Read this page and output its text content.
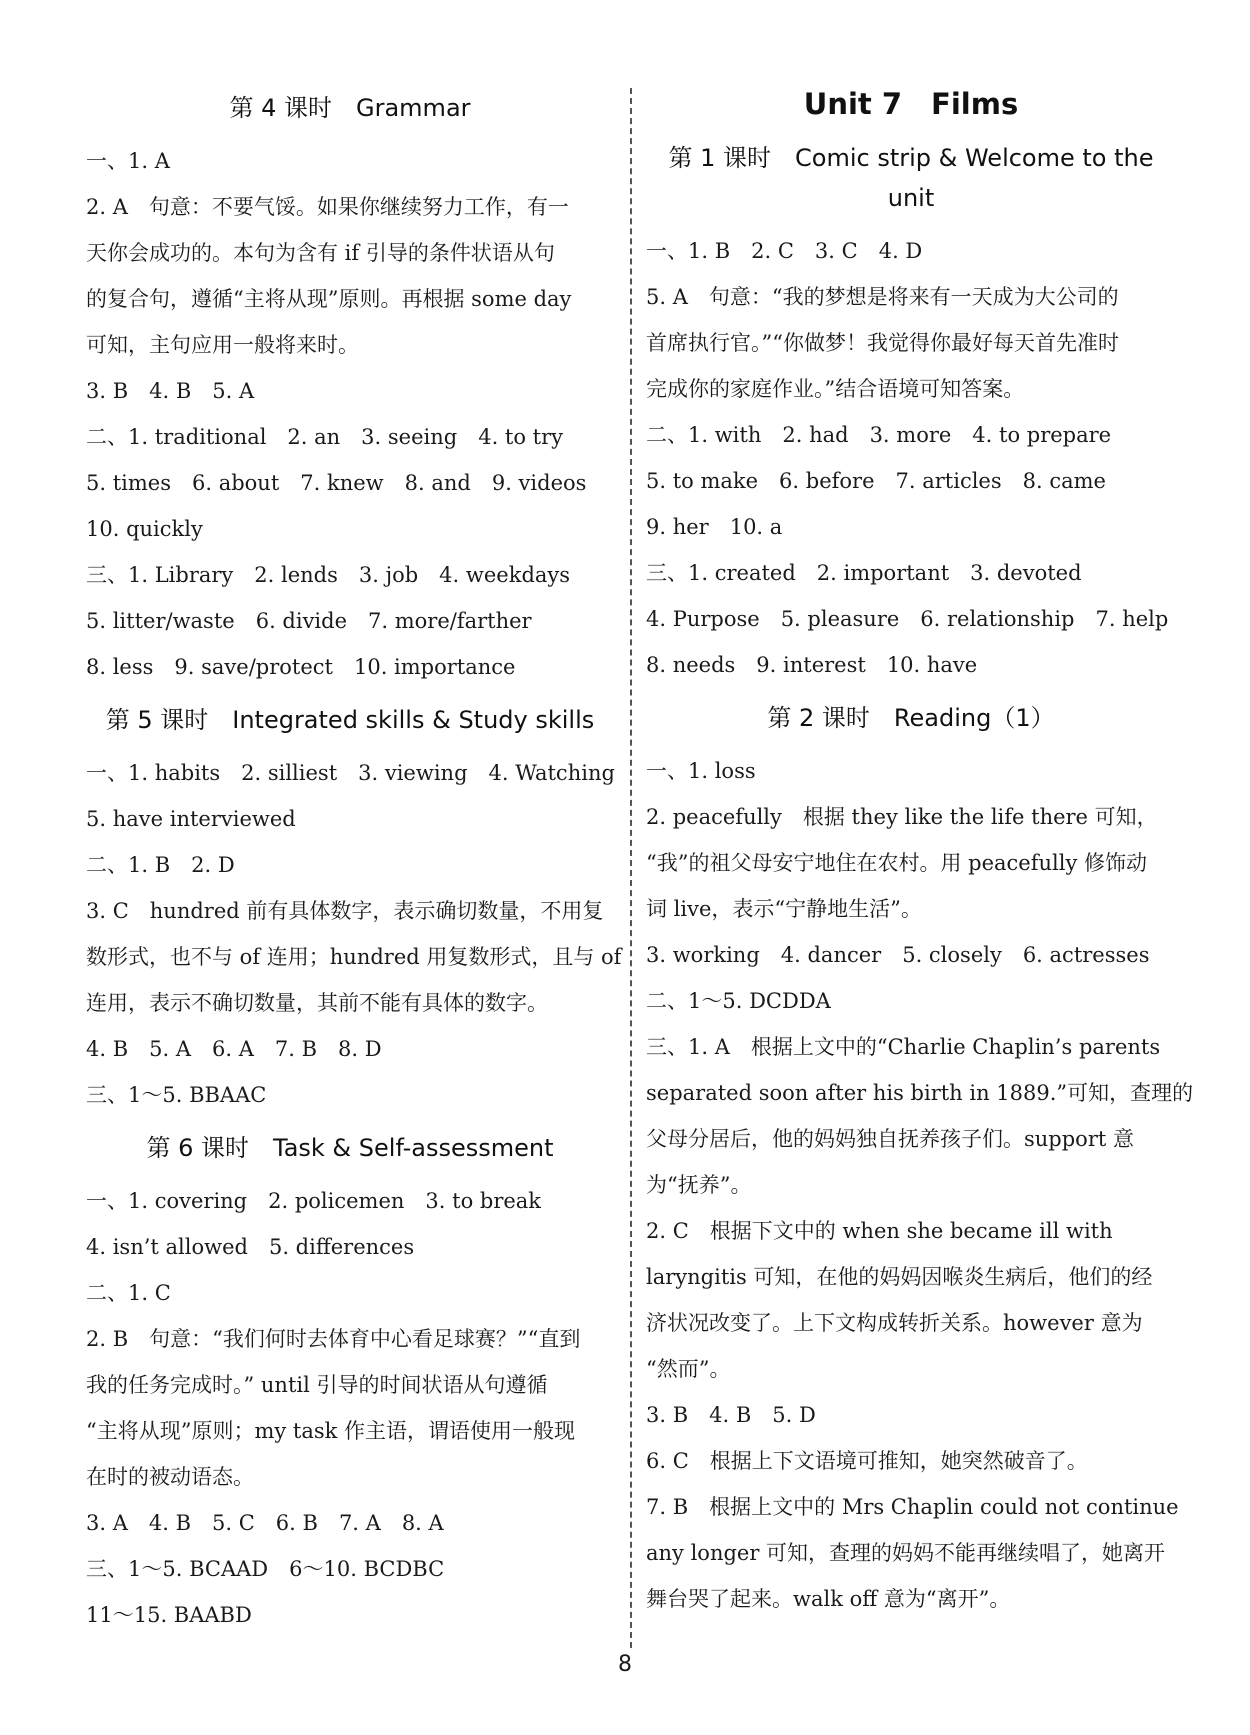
第 4 课时　Grammar
一、1. A
2. A　句意：不要气馁。如果你继续努力工作，有一
天你会成功的。本句为含有 if 引导的条件状语从句
的复合句，遵循“主将从现”原则。再根据 some day
可知，主句应用一般将来时。
3. B　4. B　5. A
二、1. traditional　2. an　3. seeing　4. to try
5. times　6. about　7. knew　8. and　9. videos
10. quickly
三、1. Library　2. lends　3. job　4. weekdays
5. litter/waste　6. divide　7. more/farther
8. less　9. save/protect　10. importance
第 5 课时　Integrated skills & Study skills
一、1. habits　2. silliest　3. viewing　4. Watching
5. have interviewed
二、1. B　2. D
3. C　hundred 前有具体数字，表示确切数量，不用复
数形式，也不与 of 连用；hundred 用复数形式，且与 of
连用，表示不确切数量，其前不能有具体的数字。
4. B　5. A　6. A　7. B　8. D
三、1～5. BBAAC
第 6 课时　Task & Self-assessment
一、1. covering　2. policemen　3. to break
4. isn’t allowed　5. differences
二、1. C
2. B　句意：“我们何时去体育中心看足球赛？”“直到
我的任务完成时。” until 引导的时间状语从句遵循
“主将从现”原则；my task 作主语，谓语使用一般现
在时的被动语态。
3. A　4. B　5. C　6. B　7. A　8. A
三、1～5. BCAAD　6～10. BCDBC
11～15. BAABD
Unit 7　Films
第 1 课时　Comic strip & Welcome to the unit
一、1. B　2. C　3. C　4. D
5. A　句意：“我的梦想是将来有一天成为大公司的
首席执行官。”“你做梦！我觉得你最好每天首先准时
完成你的家庭作业。”结合语境可知答案。
二、1. with　2. had　3. more　4. to prepare
5. to make　6. before　7. articles　8. came
9. her　10. a
三、1. created　2. important　3. devoted
4. Purpose　5. pleasure　6. relationship　7. help
8. needs　9. interest　10. have
第 2 课时　Reading（1）
一、1. loss
2. peacefully　根据 they like the life there 可知，
“我”的祖父母安宁地住在农村。用 peacefully 修饰动
词 live，表示“宁静地生活”。
3. working　4. dancer　5. closely　6. actresses
二、1～5. DCDDA
三、1. A　根据上文中的“Charlie Chaplin’s parents
separated soon after his birth in 1889.”可知，查理的
父母分居后，他的妈妈独自抚养孩子们。support 意
为“抚养”。
2. C　根据下文中的 when she became ill with
laryngitis 可知，在他的妈妈因喉炎生病后，他们的经
济状况改变了。上下文构成转折关系。however 意为
“然而”。
3. B　4. B　5. D
6. C　根据上下文语境可推知，她突然破音了。
7. B　根据上文中的 Mrs Chaplin could not continue
any longer 可知，查理的妈妈不能再继续唱了，她离开
舞台哭了起来。walk off 意为“离开”。
8
